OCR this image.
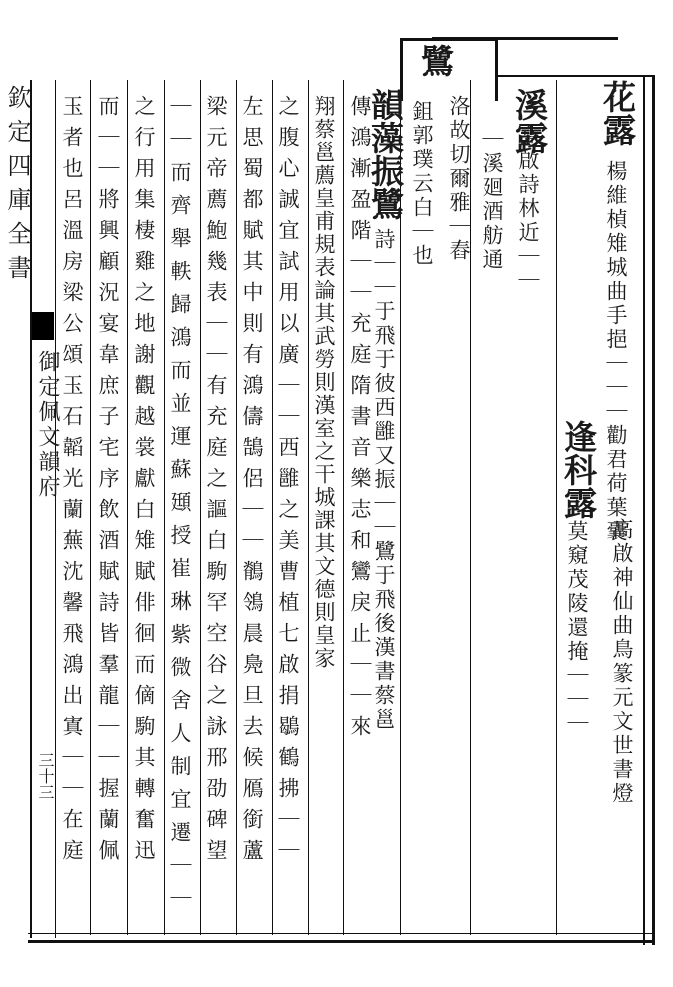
欽定四庫全書
御定佩文韻府
三十三
花露
楊維楨雉城曲手挹｜｜｜勸君荷葉囊
逢科露
高啟神仙曲鳥篆元文世書燈
莫窺茂陵還掩｜｜｜
溪露
高啟詩林近｜｜
｜溪廻酒舫通
鷺
洛故切爾雅｜舂
鉏郭璞云白｜也
韻藻振鷺
詩｜｜于飛于彼西雝又振｜｜鷺于飛後漢書蔡邕
傳鴻漸盈階｜｜充庭隋書音樂志和鸞戾止｜｜來
翔蔡邕薦皇甫規表論其武勞則漢室之干城課其文德則皇家
之腹心誠宜試用以廣｜｜西雝之美曹植七啟捐鶡鶴拂｜｜
左思蜀都賦其中則有鴻儔鵠侶｜｜鶺鴒晨鳧旦去候鴈銜蘆
梁元帝薦鮑幾表｜｜有充庭之謳白駒罕空谷之詠邢劭碑望
｜｜而齊舉軼歸鴻而並運蘇頲授崔琳紫微舍人制宜遷｜｜
之行用集棲雞之地謝觀越裳獻白雉賦俳徊而㒀駒其轉奮迅
而｜｜將興顧況宴韋庶子宅序飲酒賦詩皆羣龍｜｜握蘭佩
玉者也呂溫房梁公頌玉石韜光蘭蕪沈馨飛鴻出寘｜｜在庭
